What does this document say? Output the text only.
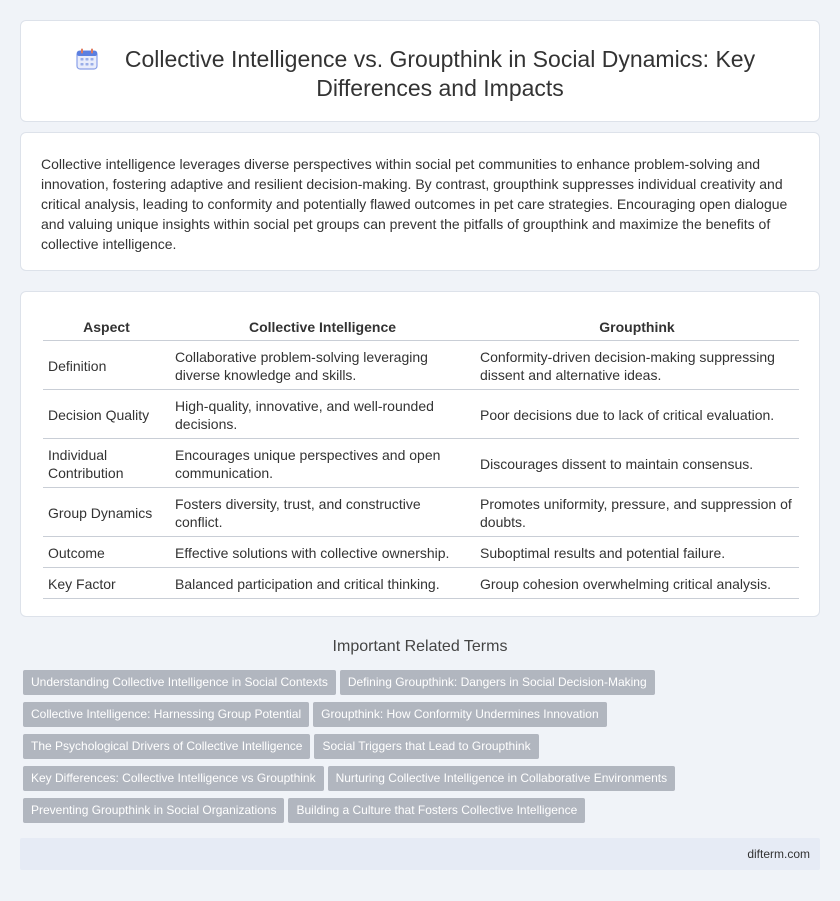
Collective Intelligence vs. Groupthink in Social Dynamics: Key Differences and Impacts

Collective intelligence leverages diverse perspectives within social pet communities to enhance problem-solving and innovation, fostering adaptive and resilient decision-making. By contrast, groupthink suppresses individual creativity and critical analysis, leading to conformity and potentially flawed outcomes in pet care strategies. Encouraging open dialogue and valuing unique insights within social pet groups can prevent the pitfalls of groupthink and maximize the benefits of collective intelligence.

Aspect	Collective Intelligence	Groupthink
Definition	Collaborative problem-solving leveraging diverse knowledge and skills.	Conformity-driven decision-making suppressing dissent and alternative ideas.
Decision Quality	High-quality, innovative, and well-rounded decisions.	Poor decisions due to lack of critical evaluation.
Individual Contribution	Encourages unique perspectives and open communication.	Discourages dissent to maintain consensus.
Group Dynamics	Fosters diversity, trust, and constructive conflict.	Promotes uniformity, pressure, and suppression of doubts.
Outcome	Effective solutions with collective ownership.	Suboptimal results and potential failure.
Key Factor	Balanced participation and critical thinking.	Group cohesion overwhelming critical analysis.
Important Related Terms
Understanding Collective Intelligence in Social Contexts Defining Groupthink: Dangers in Social Decision-Making
Collective Intelligence: Harnessing Group Potential Groupthink: How Conformity Undermines Innovation
The Psychological Drivers of Collective Intelligence Social Triggers that Lead to Groupthink
Key Differences: Collective Intelligence vs Groupthink Nurturing Collective Intelligence in Collaborative Environments
Preventing Groupthink in Social Organizations Building a Culture that Fosters Collective Intelligence
difterm.com
